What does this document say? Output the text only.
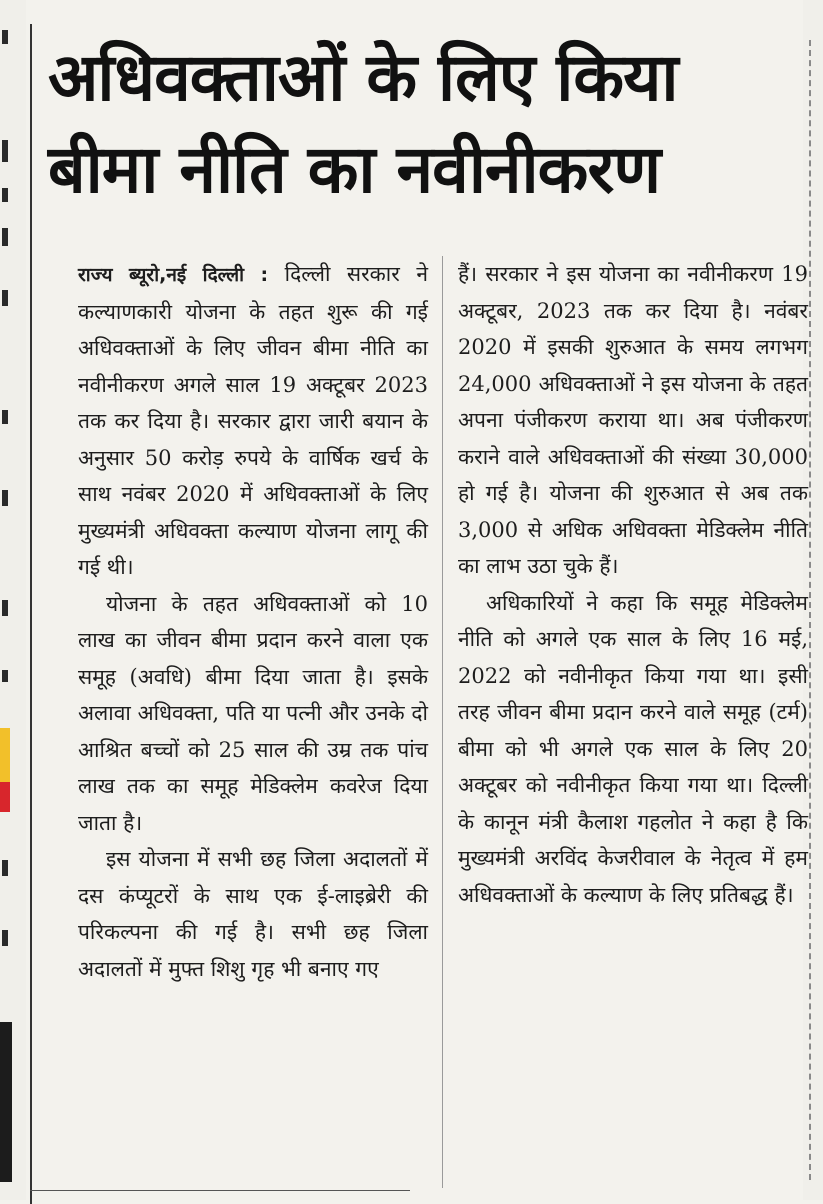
अधिवक्ताओं के लिए किया बीमा नीति का नवीनीकरण

राज्य ब्यूरो,नई दिल्ली : दिल्ली सरकार ने कल्याणकारी योजना के तहत शुरू की गई अधिवक्ताओं के लिए जीवन बीमा नीति का नवीनीकरण अगले साल 19 अक्टूबर 2023 तक कर दिया है। सरकार द्वारा जारी बयान के अनुसार 50 करोड़ रुपये के वार्षिक खर्च के साथ नवंबर 2020 में अधिवक्ताओं के लिए मुख्यमंत्री अधिवक्ता कल्याण योजना लागू की गई थी।

योजना के तहत अधिवक्ताओं को 10 लाख का जीवन बीमा प्रदान करने वाला एक समूह (अवधि) बीमा दिया जाता है। इसके अलावा अधिवक्ता, पति या पत्नी और उनके दो आश्रित बच्चों को 25 साल की उम्र तक पांच लाख तक का समूह मेडिक्लेम कवरेज दिया जाता है।

इस योजना में सभी छह जिला अदालतों में दस कंप्यूटरों के साथ एक ई-लाइब्रेरी की परिकल्पना की गई है। सभी छह जिला अदालतों में मुफ्त शिशु गृह भी बनाए गए

हैं। सरकार ने इस योजना का नवीनीकरण 19 अक्टूबर, 2023 तक कर दिया है। नवंबर 2020 में इसकी शुरुआत के समय लगभग 24,000 अधिवक्ताओं ने इस योजना के तहत अपना पंजीकरण कराया था। अब पंजीकरण कराने वाले अधिवक्ताओं की संख्या 30,000 हो गई है। योजना की शुरुआत से अब तक 3,000 से अधिक अधिवक्ता मेडिक्लेम नीति का लाभ उठा चुके हैं।

अधिकारियों ने कहा कि समूह मेडिक्लेम नीति को अगले एक साल के लिए 16 मई, 2022 को नवीनीकृत किया गया था। इसी तरह जीवन बीमा प्रदान करने वाले समूह (टर्म) बीमा को भी अगले एक साल के लिए 20 अक्टूबर को नवीनीकृत किया गया था। दिल्ली के कानून मंत्री कैलाश गहलोत ने कहा है कि मुख्यमंत्री अरविंद केजरीवाल के नेतृत्व में हम अधिवक्ताओं के कल्याण के लिए प्रतिबद्ध हैं।
